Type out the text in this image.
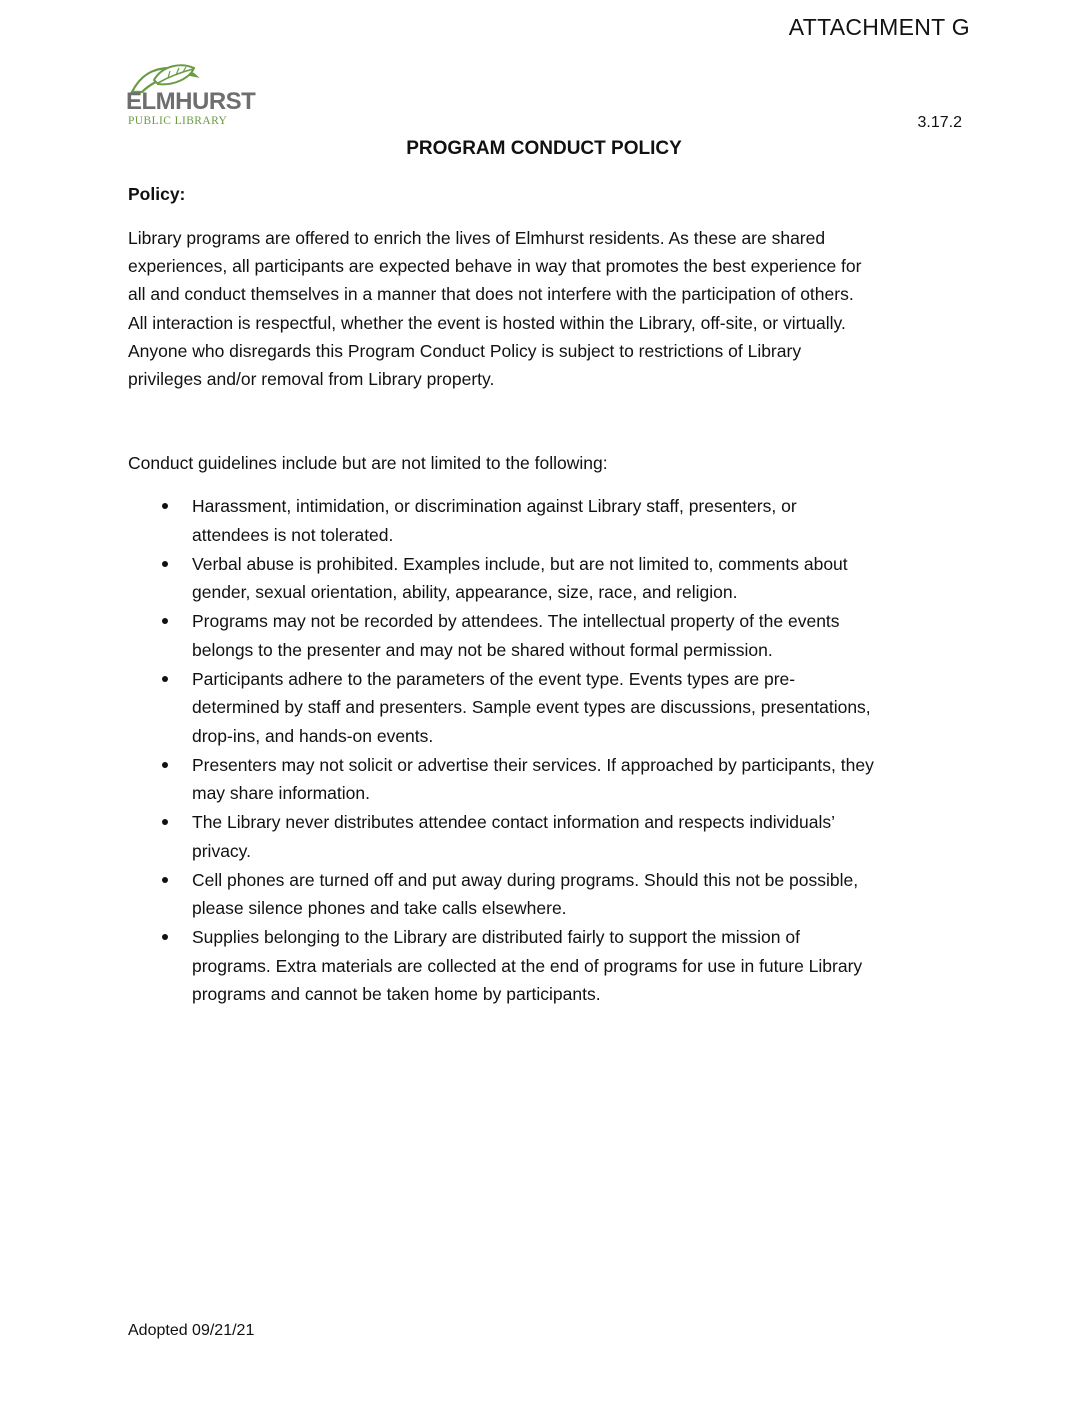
ATTACHMENT G
ELMHURST
PUBLIC LIBRARY	3.17.2
PROGRAM CONDUCT POLICY
Policy:

Library programs are offered to enrich the lives of Elmhurst residents. As these are shared
experiences, all participants are expected behave in way that promotes the best experience for
all and conduct themselves in a manner that does not interfere with the participation of others.
All interaction is respectful, whether the event is hosted within the Library, off-site, or virtually.
Anyone who disregards this Program Conduct Policy is subject to restrictions of Library
privileges and/or removal from Library property.

Conduct guidelines include but are not limited to the following:

Harassment, intimidation, or discrimination against Library staff, presenters, or
attendees is not tolerated.
Verbal abuse is prohibited. Examples include, but are not limited to, comments about
gender, sexual orientation, ability, appearance, size, race, and religion.
Programs may not be recorded by attendees. The intellectual property of the events
belongs to the presenter and may not be shared without formal permission.
Participants adhere to the parameters of the event type. Events types are pre-
determined by staff and presenters. Sample event types are discussions, presentations,
drop-ins, and hands-on events.
Presenters may not solicit or advertise their services. If approached by participants, they
may share information.
The Library never distributes attendee contact information and respects individuals’
privacy.
Cell phones are turned off and put away during programs. Should this not be possible,
please silence phones and take calls elsewhere.
Supplies belonging to the Library are distributed fairly to support the mission of
programs. Extra materials are collected at the end of programs for use in future Library
programs and cannot be taken home by participants.
Adopted 09/21/21
